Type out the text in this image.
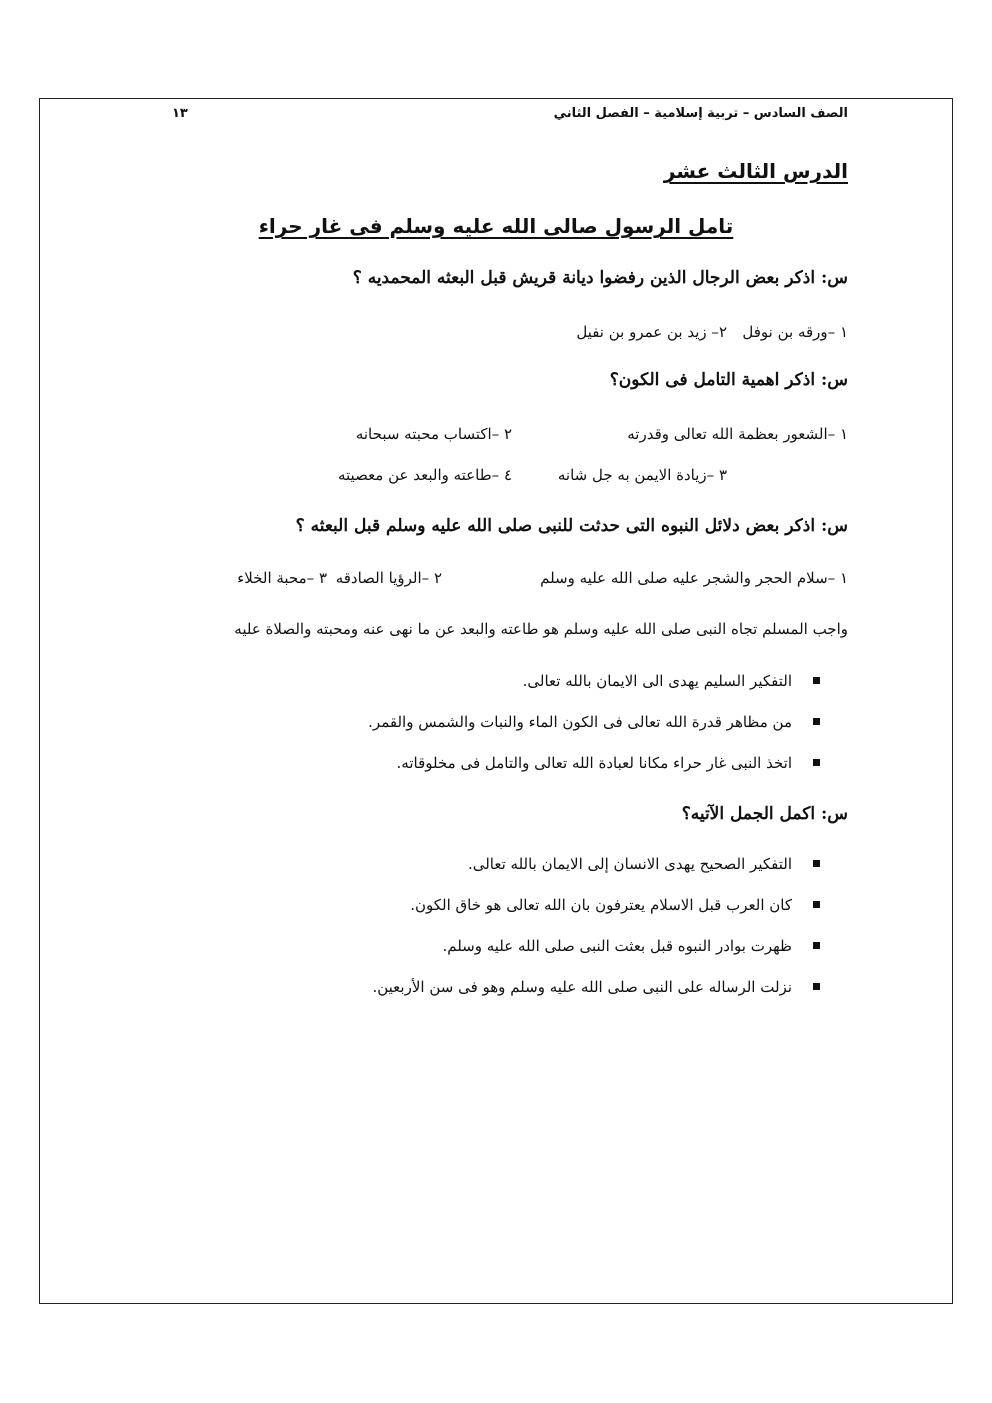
الصف السادس – تربية إسلامية – الفصل الثاني
١٣
الدرس الثالث عشر
تامل الرسول صالى الله عليه وسلم فى غار حراء
س: اذكر بعض الرجال الذين رفضوا ديانة قريش قبل البعثه المحمديه ؟
١ –ورقه بن نوفل
٢– زيد بن عمرو بن نفيل
س: اذكر اهمية التامل فى الكون؟
١ –الشعور بعظمة الله تعالى وقدرته
٢ –اكتساب محبته سبحانه
٣ –زيادة الايمن به جل شانه
٤ –طاعته والبعد عن معصيته
س: اذكر بعض دلائل النبوه التى حدثت للنبى صلى الله عليه وسلم قبل البعثه ؟
١ –سلام الحجر والشجر عليه صلى الله عليه وسلم
٢ –الرؤيا الصادقه
٣ –محبة الخلاء
واجب المسلم تجاه النبى صلى الله عليه وسلم هو طاعته والبعد عن ما نهى عنه ومحبته والصلاة عليه
التفكير السليم يهدى الى الايمان بالله تعالى.
من مظاهر قدرة الله تعالى فى الكون الماء والنبات والشمس والقمر.
اتخذ النبى غار حراء مكانا لعبادة الله تعالى والتامل فى مخلوقاته.
س: اكمل الجمل الآتيه؟
التفكير الصحيح يهدى الانسان إلى الايمان بالله تعالى.
كان العرب قبل الاسلام يعترفون بان الله تعالى هو خاق الكون.
ظهرت بوادر النبوه قبل بعثت النبى صلى الله عليه وسلم.
نزلت الرساله على النبى صلى الله عليه وسلم وهو فى سن الأربعين.
